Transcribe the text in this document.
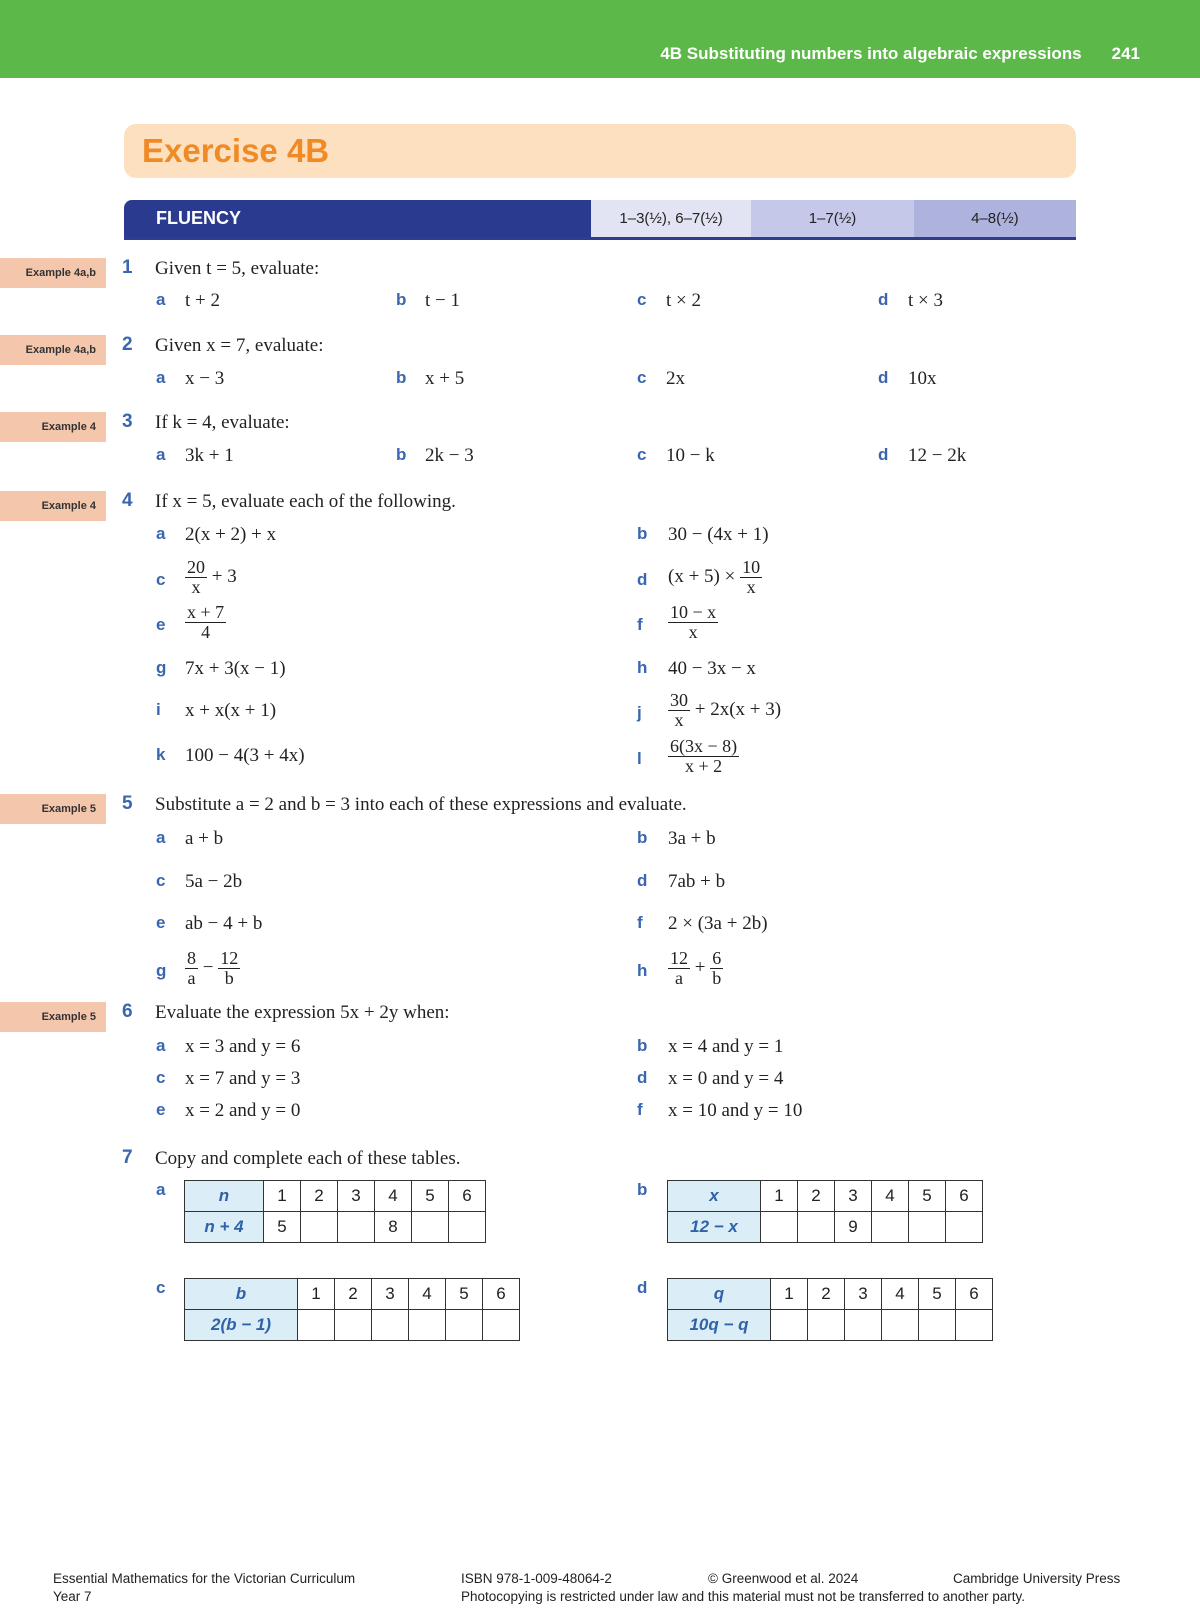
4B Substituting numbers into algebraic expressions 241
Exercise 4B
FLUENCY	1–3(½), 6–7(½)	1–7(½)	4–8(½)
Example 4a,b
Example 4a,b
Example 4
Example 4
Example 5
Example 5
1 Given t = 5, evaluate:
a t + 2	b t − 1	c t × 2	d t × 3
2 Given x = 7, evaluate:
a x − 3	b x + 5	c 2x	d 10x
3 If k = 4, evaluate:
a 3k + 1	b 2k − 3	c 10 − k	d 12 − 2k
4 If x = 5, evaluate each of the following.
a 2(x + 2) + x	b 30 − (4x + 1)
c $\frac{20}{x} + 3$	d $(x + 5) \times \frac{10}{x}$
e $\frac{x + 7}{4}$	f $\frac{10 - x}{x}$
g 7x + 3(x − 1)	h 40 − 3x − x
i x + x(x + 1)	j $\frac{30}{x} + 2x(x + 3)$
k 100 − 4(3 + 4x)	l $\frac{6(3x - 8)}{x + 2}$
5 Substitute a = 2 and b = 3 into each of these expressions and evaluate.
a a + b	b 3a + b
c 5a − 2b	d 7ab + b
e ab − 4 + b	f 2 × (3a + 2b)
g $\frac{8}{a} - \frac{12}{b}$	h $\frac{12}{a} + \frac{6}{b}$
6 Evaluate the expression 5x + 2y when:
a x = 3 and y = 6	b x = 4 and y = 1
c x = 7 and y = 3	d x = 0 and y = 4
e x = 2 and y = 0	f x = 10 and y = 10
7 Copy and complete each of these tables.
a	n	1	2	3	4	5	6
n + 4	5			8		
b	x	1	2	3	4	5	6
12 − x			9			
c	b	1	2	3	4	5	6
2(b − 1)						
d	q	1	2	3	4	5	6
10q − q						
Essential Mathematics for the Victorian Curriculum
Year 7
ISBN 978-1-009-48064-2	© Greenwood et al. 2024	Cambridge University Press
Photocopying is restricted under law and this material must not be transferred to another party.
